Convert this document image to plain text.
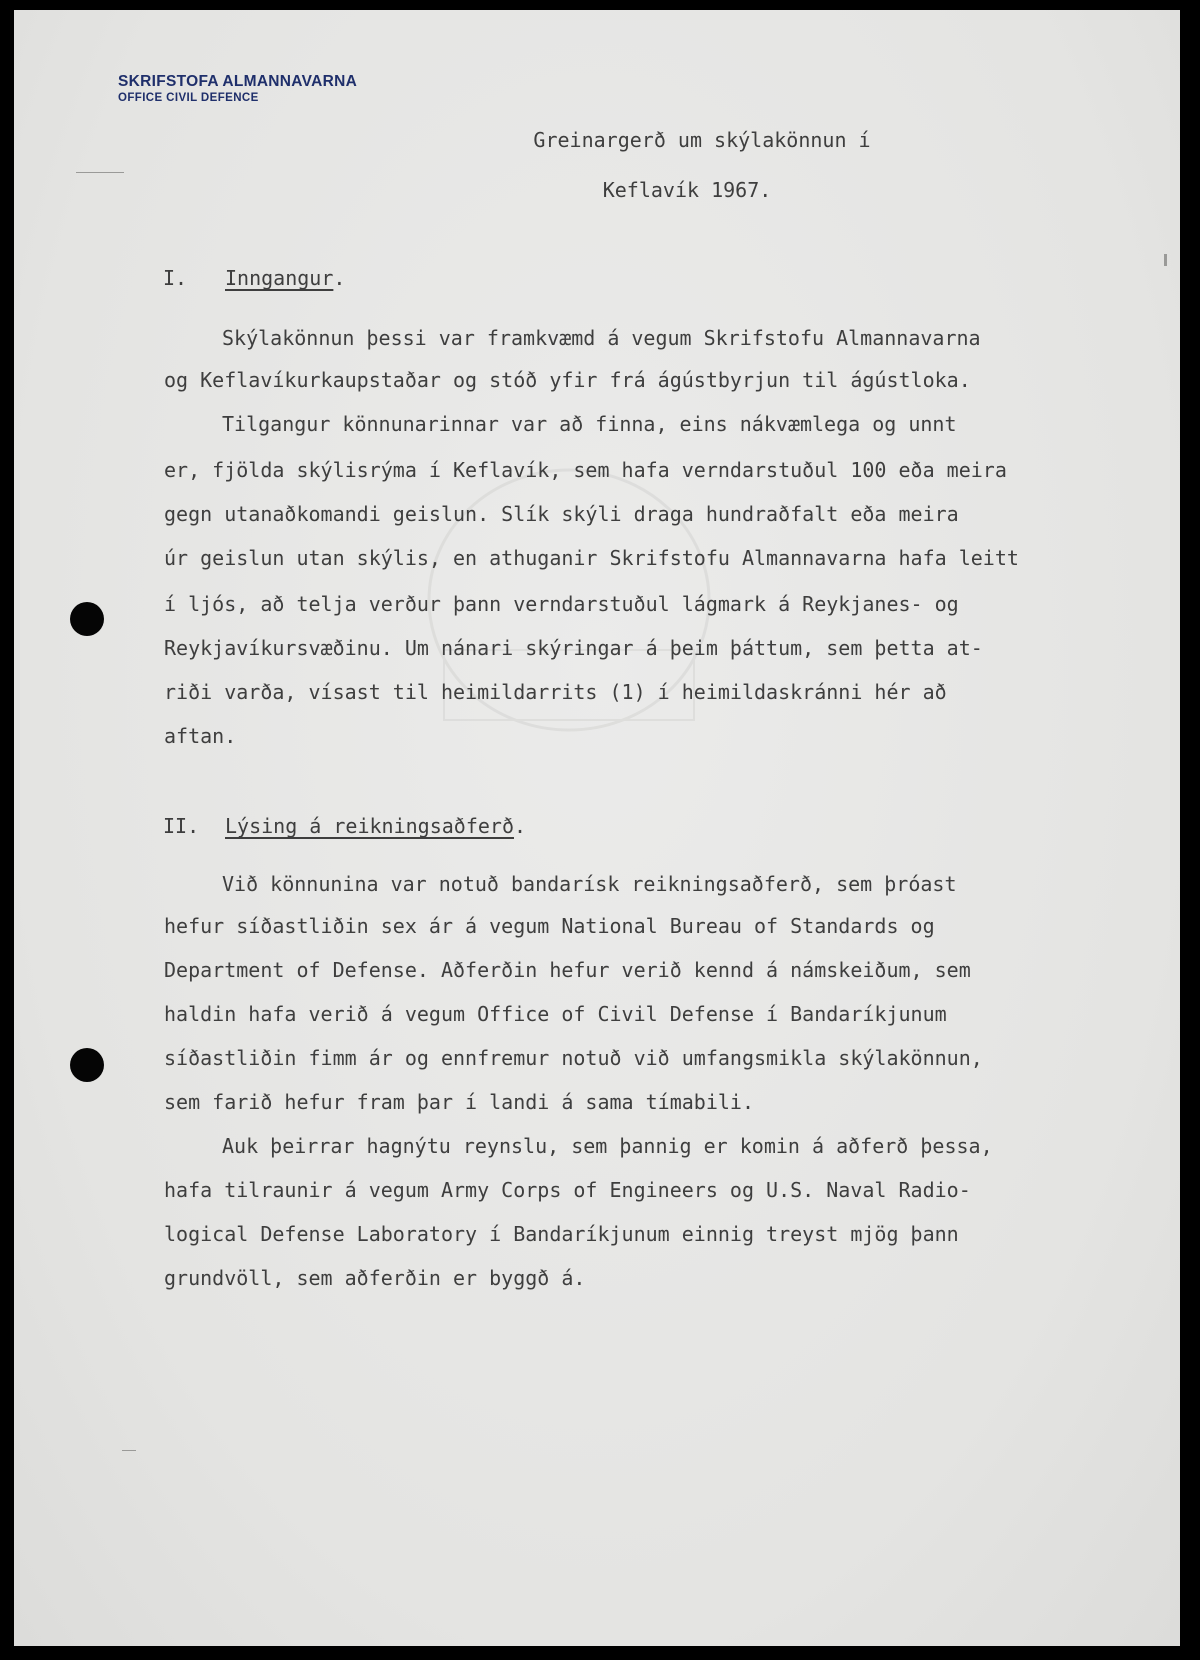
SKRIFSTOFA ALMANNAVARNA
OFFICE CIVIL DEFENCE
Greinargerð um skýlakönnun í
Keflavík 1967.
I. Inngangur.
Skýlakönnun þessi var framkvæmd á vegum Skrifstofu Almannavarna
og Keflavíkurkaupstaðar og stóð yfir frá ágústbyrjun til ágústloka.
Tilgangur könnunarinnar var að finna, eins nákvæmlega og unnt
er, fjölda skýlisrýma í Keflavík, sem hafa verndarstuðul 100 eða meira
gegn utanaðkomandi geislun. Slík skýli draga hundraðfalt eða meira
úr geislun utan skýlis, en athuganir Skrifstofu Almannavarna hafa leitt
í ljós, að telja verður þann verndarstuðul lágmark á Reykjanes- og
Reykjavíkursvæðinu. Um nánari skýringar á þeim þáttum, sem þetta at-
riði varða, vísast til heimildarrits (1) í heimildaskránni hér að
aftan.
II. Lýsing á reikningsaðferð.
Við könnunina var notuð bandarísk reikningsaðferð, sem þróast
hefur síðastliðin sex ár á vegum National Bureau of Standards og
Department of Defense. Aðferðin hefur verið kennd á námskeiðum, sem
haldin hafa verið á vegum Office of Civil Defense í Bandaríkjunum
síðastliðin fimm ár og ennfremur notuð við umfangsmikla skýlakönnun,
sem farið hefur fram þar í landi á sama tímabili.
Auk þeirrar hagnýtu reynslu, sem þannig er komin á aðferð þessa,
hafa tilraunir á vegum Army Corps of Engineers og U.S. Naval Radio-
logical Defense Laboratory í Bandaríkjunum einnig treyst mjög þann
grundvöll, sem aðferðin er byggð á.
